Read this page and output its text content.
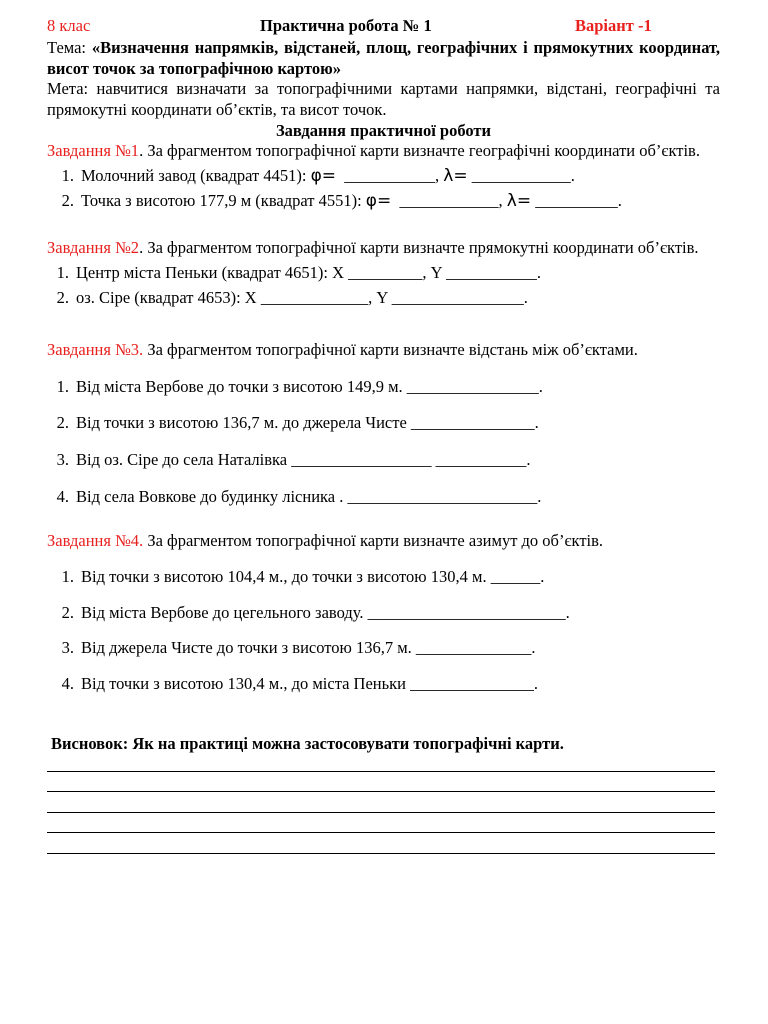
8 клас	Практична робота № 1	Варіант -1

Тема: «Визначення напрямків, відстаней, площ, географічних і прямокутних координат, висот точок за топографічною картою»

Мета: навчитися визначати за топографічними картами напрямки, відстані, географічні та прямокутні координати об’єктів, та висот точок.

Завдання практичної роботи

Завдання №1. За фрагментом топографічної карти визначте географічні координати об’єктів.

1. Молочний завод (квадрат 4451): φ=  ___________, λ= ____________.
2. Точка з висотою 177,9 м (квадрат 4551): φ=  ____________, λ= __________.

Завдання №2. За фрагментом топографічної карти визначте прямокутні координати об’єктів.

1. Центр міста Пеньки (квадрат 4651): Х _________, Y ___________.
2. оз. Сіре (квадрат 4653): Х _____________, Y ________________.

Завдання №3. За фрагментом топографічної карти визначте відстань між об’єктами.

1. Від міста Вербове до точки з висотою 149,9 м. ________________.
2. Від точки з висотою 136,7 м. до джерела Чисте _______________.
3. Від оз. Сіре до села Наталівка _________________ ___________.
4. Від села Вовкове до будинку лісника . _______________________.

Завдання №4. За фрагментом топографічної карти визначте азимут до об’єктів.

1. Від точки з висотою 104,4 м., до точки з висотою 130,4 м. ______.
2. Від міста Вербове до цегельного заводу. ________________________.
3. Від джерела Чисте до точки з висотою 136,7 м. ______________.
4. Від точки з висотою 130,4 м., до міста Пеньки _______________.

Висновок: Як на практиці можна застосовувати топографічні карти.
